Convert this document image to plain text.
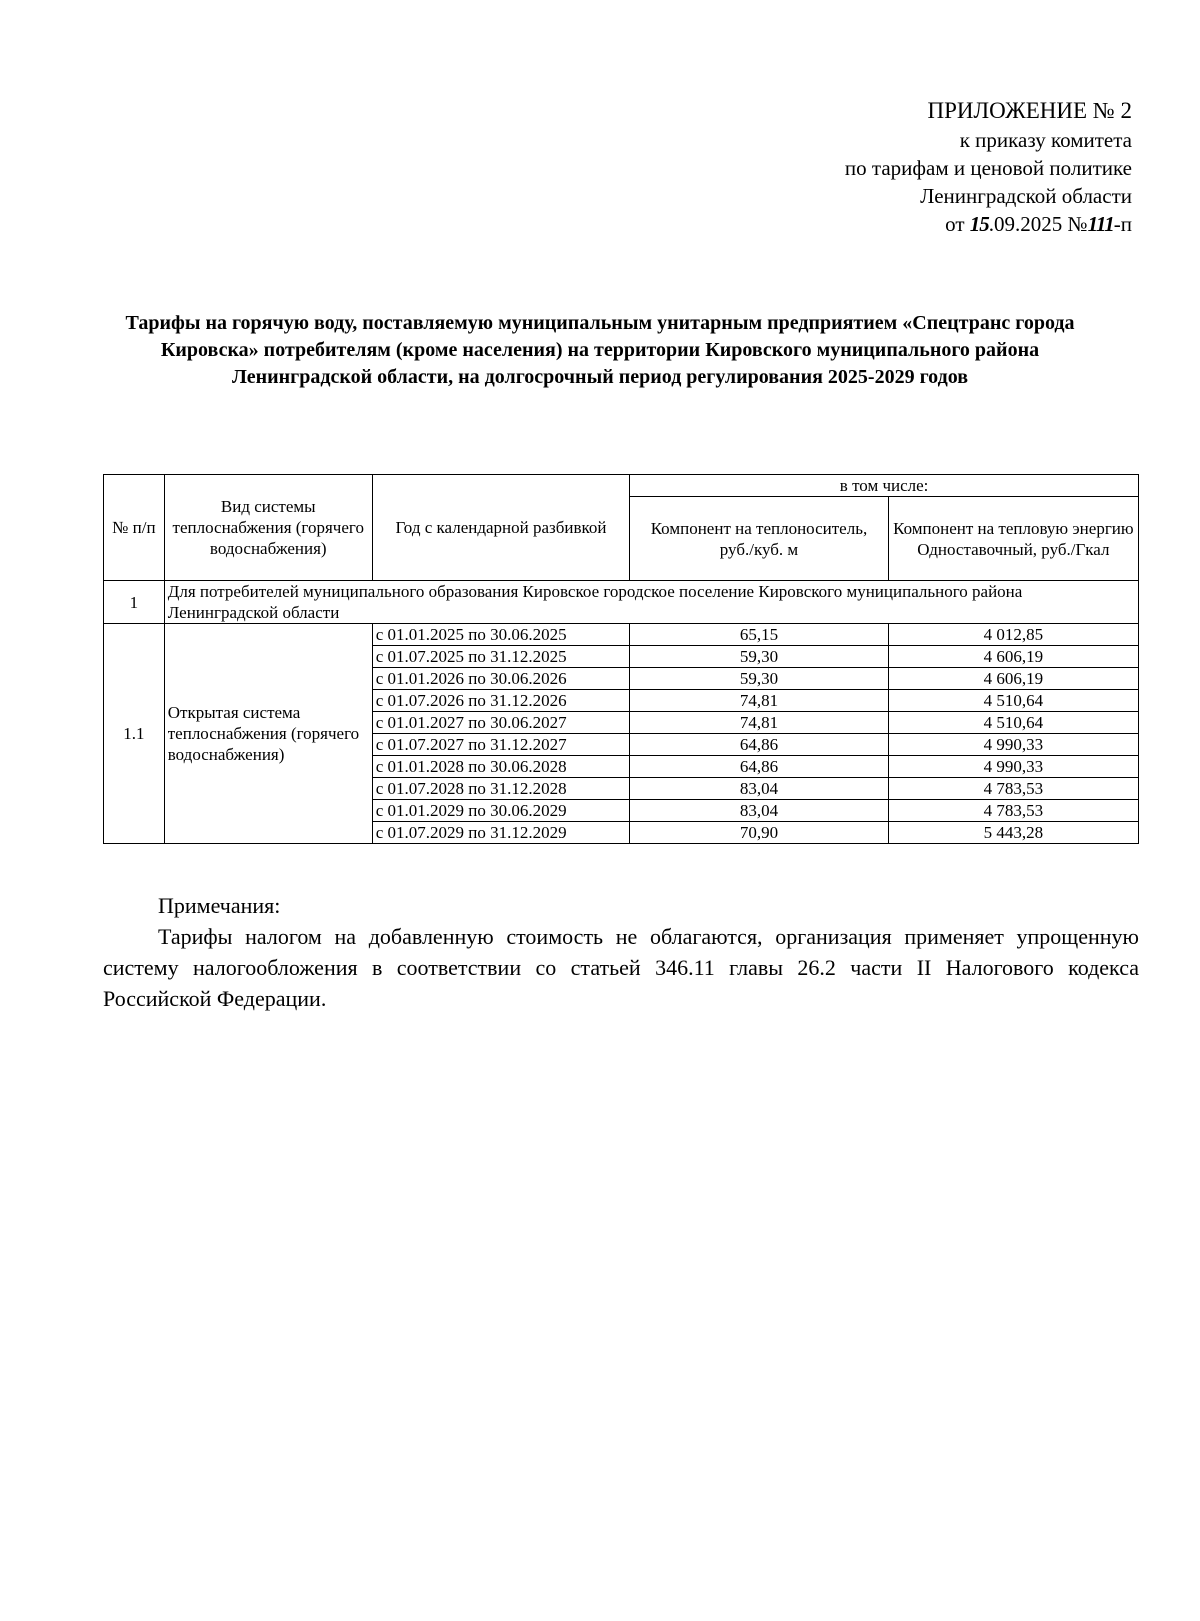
ПРИЛОЖЕНИЕ № 2
к приказу комитета
по тарифам и ценовой политике
Ленинградской области
от 15.09.2025 №111-п
Тарифы на горячую воду, поставляемую муниципальным унитарным предприятием «Спецтранс города Кировска» потребителям (кроме населения) на территории Кировского муниципального района Ленинградской области, на долгосрочный период регулирования 2025-2029 годов
№ п/п	Вид системы теплоснабжения (горячего водоснабжения)	Год с календарной разбивкой	в том числе:	
			Компонент на теплоноситель, руб./куб. м	Компонент на тепловую энергию Одноставочный, руб./Гкал
1	Для потребителей муниципального образования Кировское городское поселение Кировского муниципального района Ленинградской области			
1.1	Открытая система теплоснабжения (горячего водоснабжения)	с 01.01.2025 по 30.06.2025	65,15	4 012,85
		с 01.07.2025 по 31.12.2025	59,30	4 606,19
		с 01.01.2026 по 30.06.2026	59,30	4 606,19
		с 01.07.2026 по 31.12.2026	74,81	4 510,64
		с 01.01.2027 по 30.06.2027	74,81	4 510,64
		с 01.07.2027 по 31.12.2027	64,86	4 990,33
		с 01.01.2028 по 30.06.2028	64,86	4 990,33
		с 01.07.2028 по 31.12.2028	83,04	4 783,53
		с 01.01.2029 по 30.06.2029	83,04	4 783,53
		с 01.07.2029 по 31.12.2029	70,90	5 443,28
Примечания:

Тарифы налогом на добавленную стоимость не облагаются, организация применяет упрощенную систему налогообложения в соответствии со статьей 346.11 главы 26.2 части II Налогового кодекса Российской Федерации.
